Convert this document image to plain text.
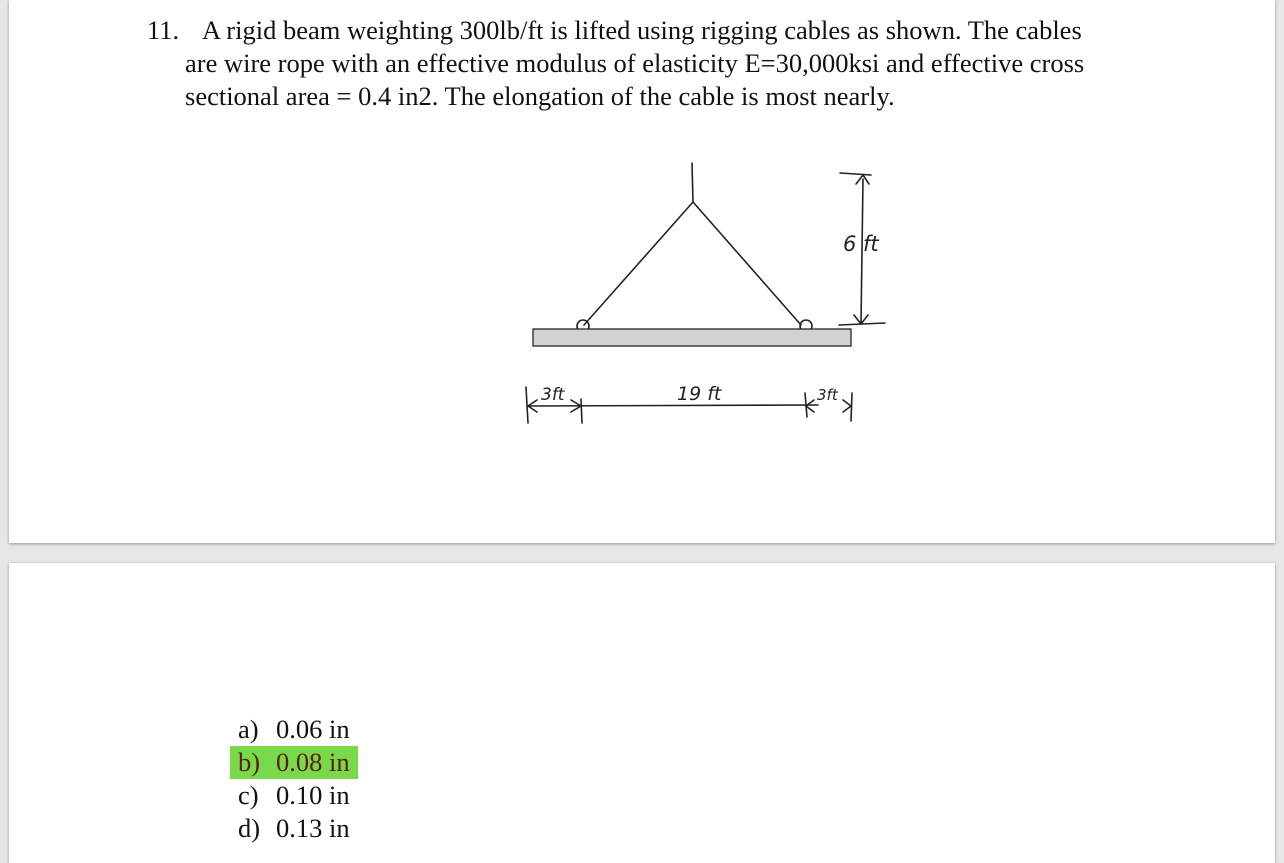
11. A rigid beam weighting 300lb/ft is lifted using rigging cables as shown. The cables
are wire rope with an effective modulus of elasticity E=30,000ksi and effective cross
sectional area = 0.4 in2. The elongation of the cable is most nearly.
6 ft
3ft	19 ft	3ft
a) 0.06 in
b) 0.08 in
c) 0.10 in
d) 0.13 in
